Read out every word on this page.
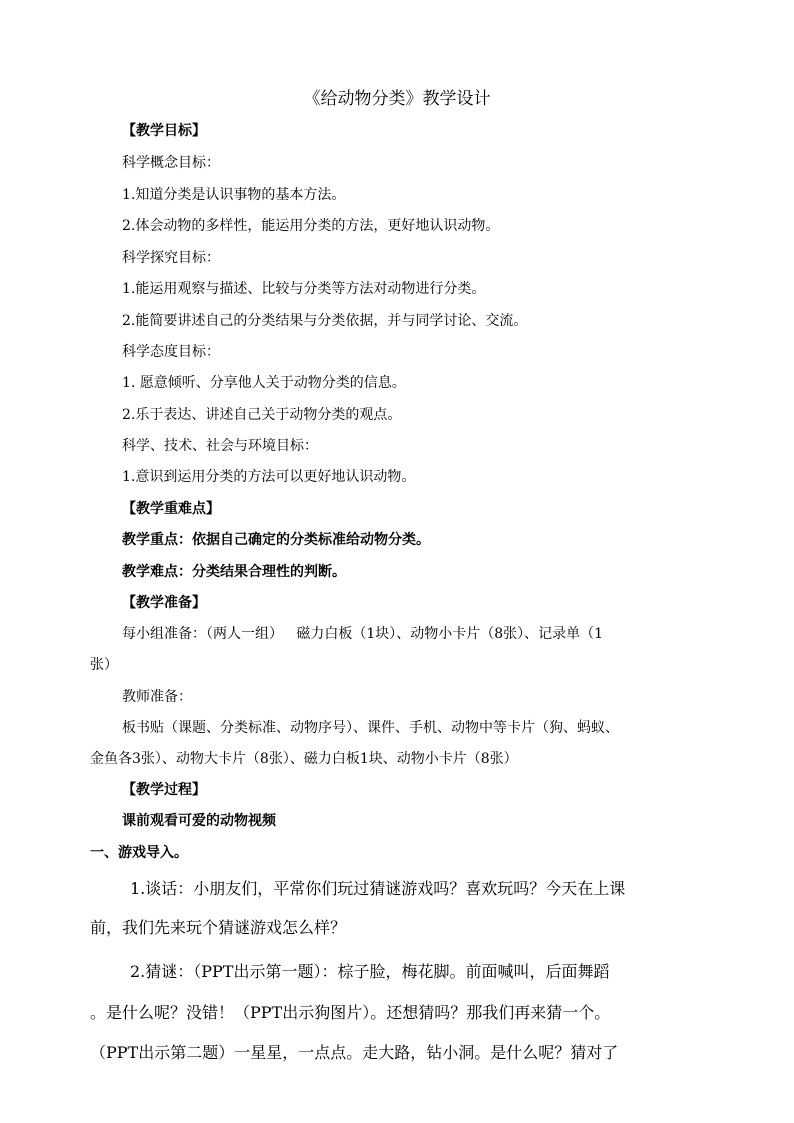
《给动物分类》教学设计
【教学目标】
科学概念目标：
1.知道分类是认识事物的基本方法。
2.体会动物的多样性，能运用分类的方法，更好地认识动物。
科学探究目标：
1.能运用观察与描述、比较与分类等方法对动物进行分类。
2.能简要讲述自己的分类结果与分类依据，并与同学讨论、交流。
科学态度目标：
1. 愿意倾听、分享他人关于动物分类的信息。
2.乐于表达、讲述自己关于动物分类的观点。
科学、技术、社会与环境目标：
1.意识到运用分类的方法可以更好地认识动物。
【教学重难点】
教学重点：依据自己确定的分类标准给动物分类。
教学难点：分类结果合理性的判断。
【教学准备】
每小组准备：（两人一组）   磁力白板（1块）、动物小卡片（8张）、记录单（1
张）
教师准备：
板书贴（课题、分类标准、动物序号）、课件、手机、动物中等卡片（狗、蚂蚁、
金鱼各3张）、动物大卡片（8张）、磁力白板1块、动物小卡片（8张）
【教学过程】
课前观看可爱的动物视频
一、游戏导入。
1.谈话：小朋友们，平常你们玩过猜谜游戏吗？喜欢玩吗？今天在上课
前，我们先来玩个猜谜游戏怎么样？
2.猜谜：（PPT出示第一题）：棕子脸，梅花脚。前面喊叫，后面舞蹈
。是什么呢？没错！（PPT出示狗图片）。还想猜吗？那我们再来猜一个。
（PPT出示第二题）一星星，一点点。走大路，钻小洞。是什么呢？猜对了
